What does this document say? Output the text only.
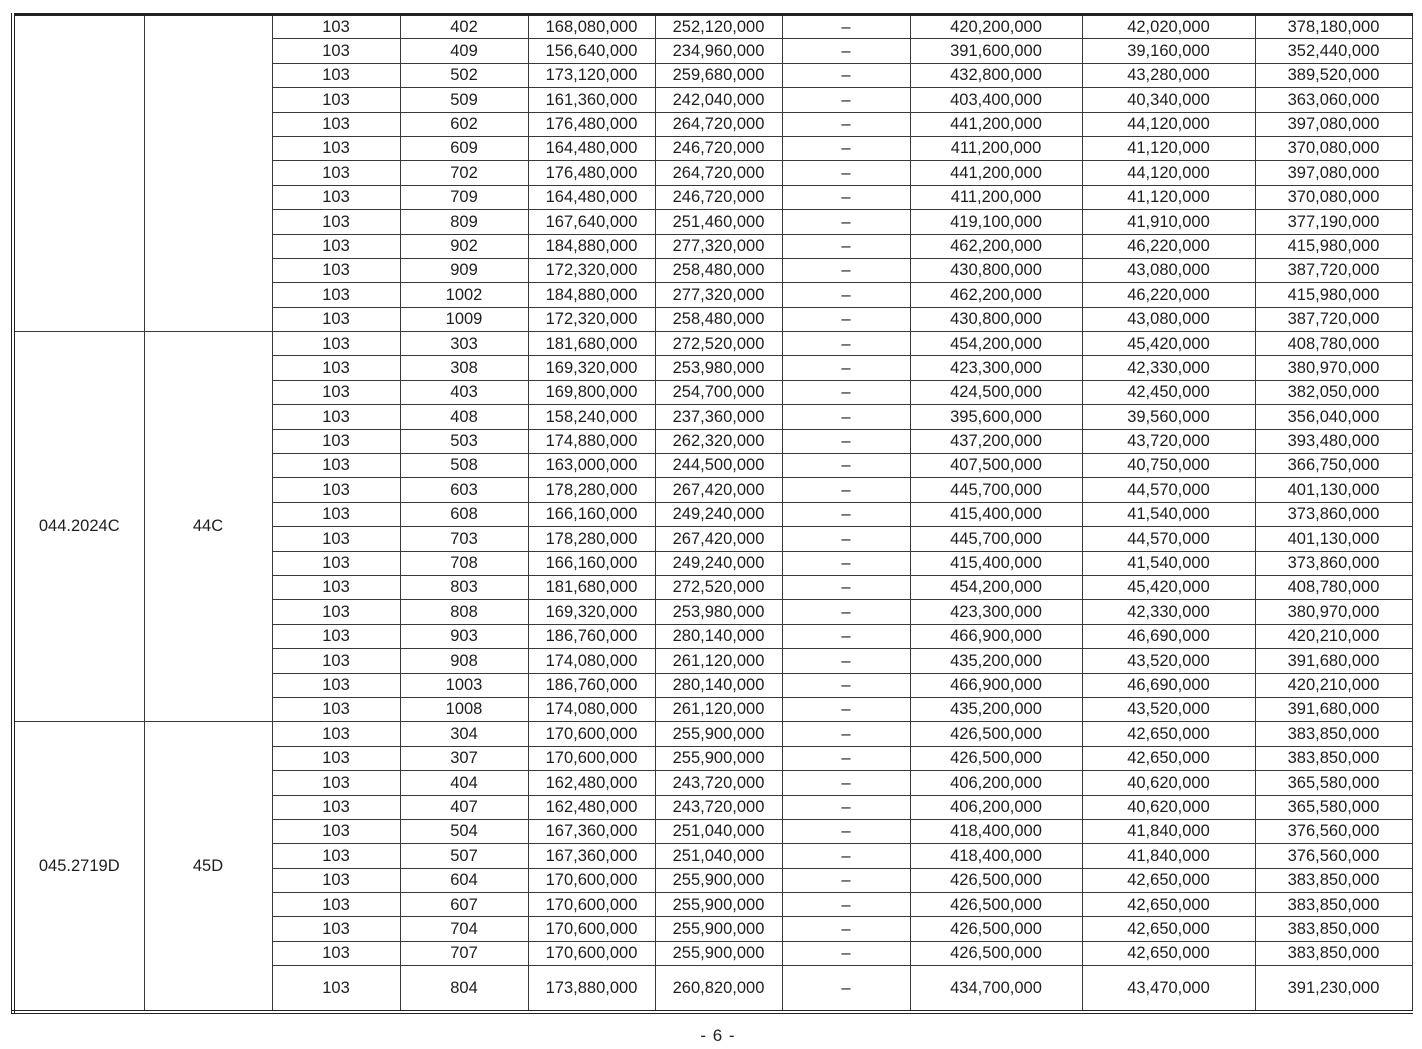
		103	402	168,080,000	252,120,000	–	420,200,000	42,020,000	378,180,000
		103	409	156,640,000	234,960,000	–	391,600,000	39,160,000	352,440,000
		103	502	173,120,000	259,680,000	–	432,800,000	43,280,000	389,520,000
		103	509	161,360,000	242,040,000	–	403,400,000	40,340,000	363,060,000
		103	602	176,480,000	264,720,000	–	441,200,000	44,120,000	397,080,000
		103	609	164,480,000	246,720,000	–	411,200,000	41,120,000	370,080,000
		103	702	176,480,000	264,720,000	–	441,200,000	44,120,000	397,080,000
		103	709	164,480,000	246,720,000	–	411,200,000	41,120,000	370,080,000
		103	809	167,640,000	251,460,000	–	419,100,000	41,910,000	377,190,000
		103	902	184,880,000	277,320,000	–	462,200,000	46,220,000	415,980,000
		103	909	172,320,000	258,480,000	–	430,800,000	43,080,000	387,720,000
		103	1002	184,880,000	277,320,000	–	462,200,000	46,220,000	415,980,000
		103	1009	172,320,000	258,480,000	–	430,800,000	43,080,000	387,720,000
044.2024C	44C	103	303	181,680,000	272,520,000	–	454,200,000	45,420,000	408,780,000
		103	308	169,320,000	253,980,000	–	423,300,000	42,330,000	380,970,000
		103	403	169,800,000	254,700,000	–	424,500,000	42,450,000	382,050,000
		103	408	158,240,000	237,360,000	–	395,600,000	39,560,000	356,040,000
		103	503	174,880,000	262,320,000	–	437,200,000	43,720,000	393,480,000
		103	508	163,000,000	244,500,000	–	407,500,000	40,750,000	366,750,000
		103	603	178,280,000	267,420,000	–	445,700,000	44,570,000	401,130,000
		103	608	166,160,000	249,240,000	–	415,400,000	41,540,000	373,860,000
		103	703	178,280,000	267,420,000	–	445,700,000	44,570,000	401,130,000
		103	708	166,160,000	249,240,000	–	415,400,000	41,540,000	373,860,000
		103	803	181,680,000	272,520,000	–	454,200,000	45,420,000	408,780,000
		103	808	169,320,000	253,980,000	–	423,300,000	42,330,000	380,970,000
		103	903	186,760,000	280,140,000	–	466,900,000	46,690,000	420,210,000
		103	908	174,080,000	261,120,000	–	435,200,000	43,520,000	391,680,000
		103	1003	186,760,000	280,140,000	–	466,900,000	46,690,000	420,210,000
		103	1008	174,080,000	261,120,000	–	435,200,000	43,520,000	391,680,000
045.2719D	45D	103	304	170,600,000	255,900,000	–	426,500,000	42,650,000	383,850,000
		103	307	170,600,000	255,900,000	–	426,500,000	42,650,000	383,850,000
		103	404	162,480,000	243,720,000	–	406,200,000	40,620,000	365,580,000
		103	407	162,480,000	243,720,000	–	406,200,000	40,620,000	365,580,000
		103	504	167,360,000	251,040,000	–	418,400,000	41,840,000	376,560,000
		103	507	167,360,000	251,040,000	–	418,400,000	41,840,000	376,560,000
		103	604	170,600,000	255,900,000	–	426,500,000	42,650,000	383,850,000
		103	607	170,600,000	255,900,000	–	426,500,000	42,650,000	383,850,000
		103	704	170,600,000	255,900,000	–	426,500,000	42,650,000	383,850,000
		103	707	170,600,000	255,900,000	–	426,500,000	42,650,000	383,850,000
		103	804	173,880,000	260,820,000	–	434,700,000	43,470,000	391,230,000
- 6 -
